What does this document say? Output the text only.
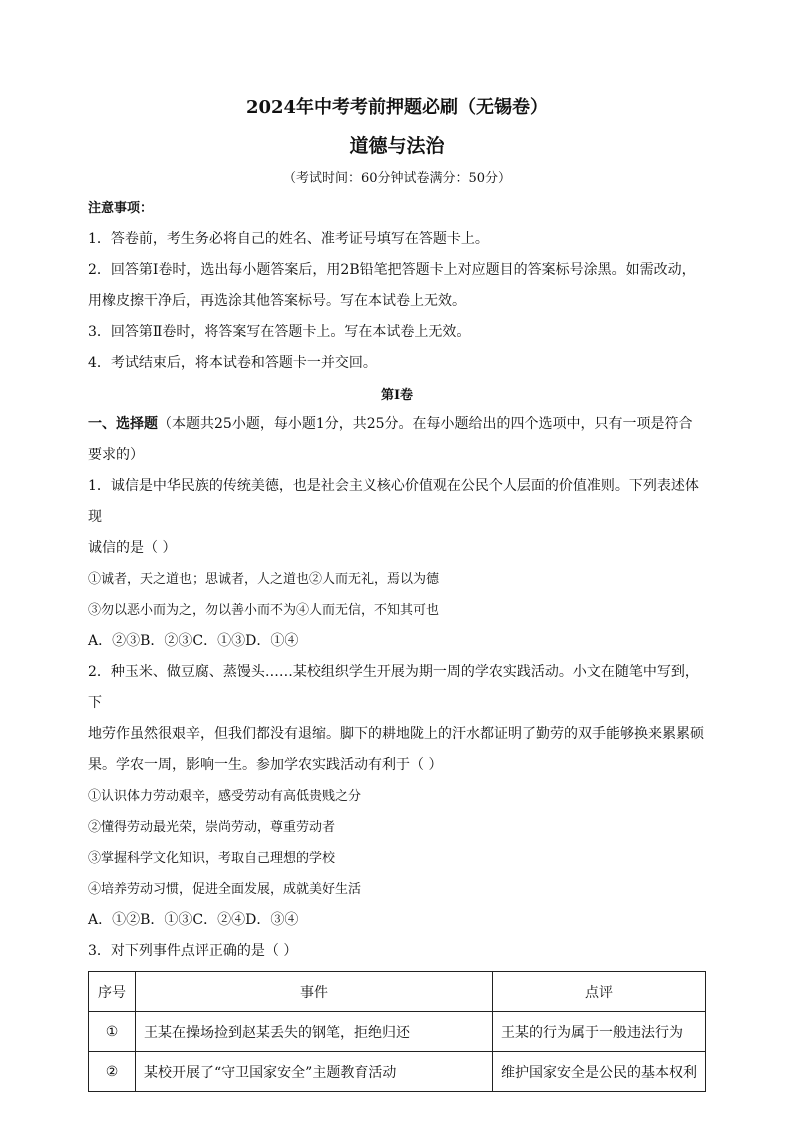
2024年中考考前押题必刷（无锡卷）
道德与法治
（考试时间：60分钟试卷满分：50分）
注意事项：

1．答卷前，考生务必将自己的姓名、准考证号填写在答题卡上。

2．回答第Ⅰ卷时，选出每小题答案后，用2B铅笔把答题卡上对应题目的答案标号涂黑。如需改动，

用橡皮擦干净后，再选涂其他答案标号。写在本试卷上无效。

3．回答第Ⅱ卷时，将答案写在答题卡上。写在本试卷上无效。

4．考试结束后，将本试卷和答题卡一并交回。

第Ⅰ卷

一、选择题（本题共25小题，每小题1分，共25分。在每小题给出的四个选项中，只有一项是符合

要求的）

1．诚信是中华民族的传统美德，也是社会主义核心价值观在公民个人层面的价值准则。下列表述体现

诚信的是（ ）

①诚者，天之道也；思诚者，人之道也②人而无礼，焉以为德

③勿以恶小而为之，勿以善小而不为④人而无信，不知其可也

A．②③B．②③C．①③D．①④

2．种玉米、做豆腐、蒸馒头……某校组织学生开展为期一周的学农实践活动。小文在随笔中写到，下

地劳作虽然很艰辛，但我们都没有退缩。脚下的耕地陇上的汗水都证明了勤劳的双手能够换来累累硕

果。学农一周，影响一生。参加学农实践活动有利于（ ）

①认识体力劳动艰辛，感受劳动有高低贵贱之分

②懂得劳动最光荣，崇尚劳动，尊重劳动者

③掌握科学文化知识，考取自己理想的学校

④培养劳动习惯，促进全面发展，成就美好生活

A．①②B．①③C．②④D．③④

3．对下列事件点评正确的是（ ）

序号	事件	点评
①	王某在操场捡到赵某丢失的钢笔，拒绝归还	王某的行为属于一般违法行为
②	某校开展了“守卫国家安全”主题教育活动	维护国家安全是公民的基本权利
